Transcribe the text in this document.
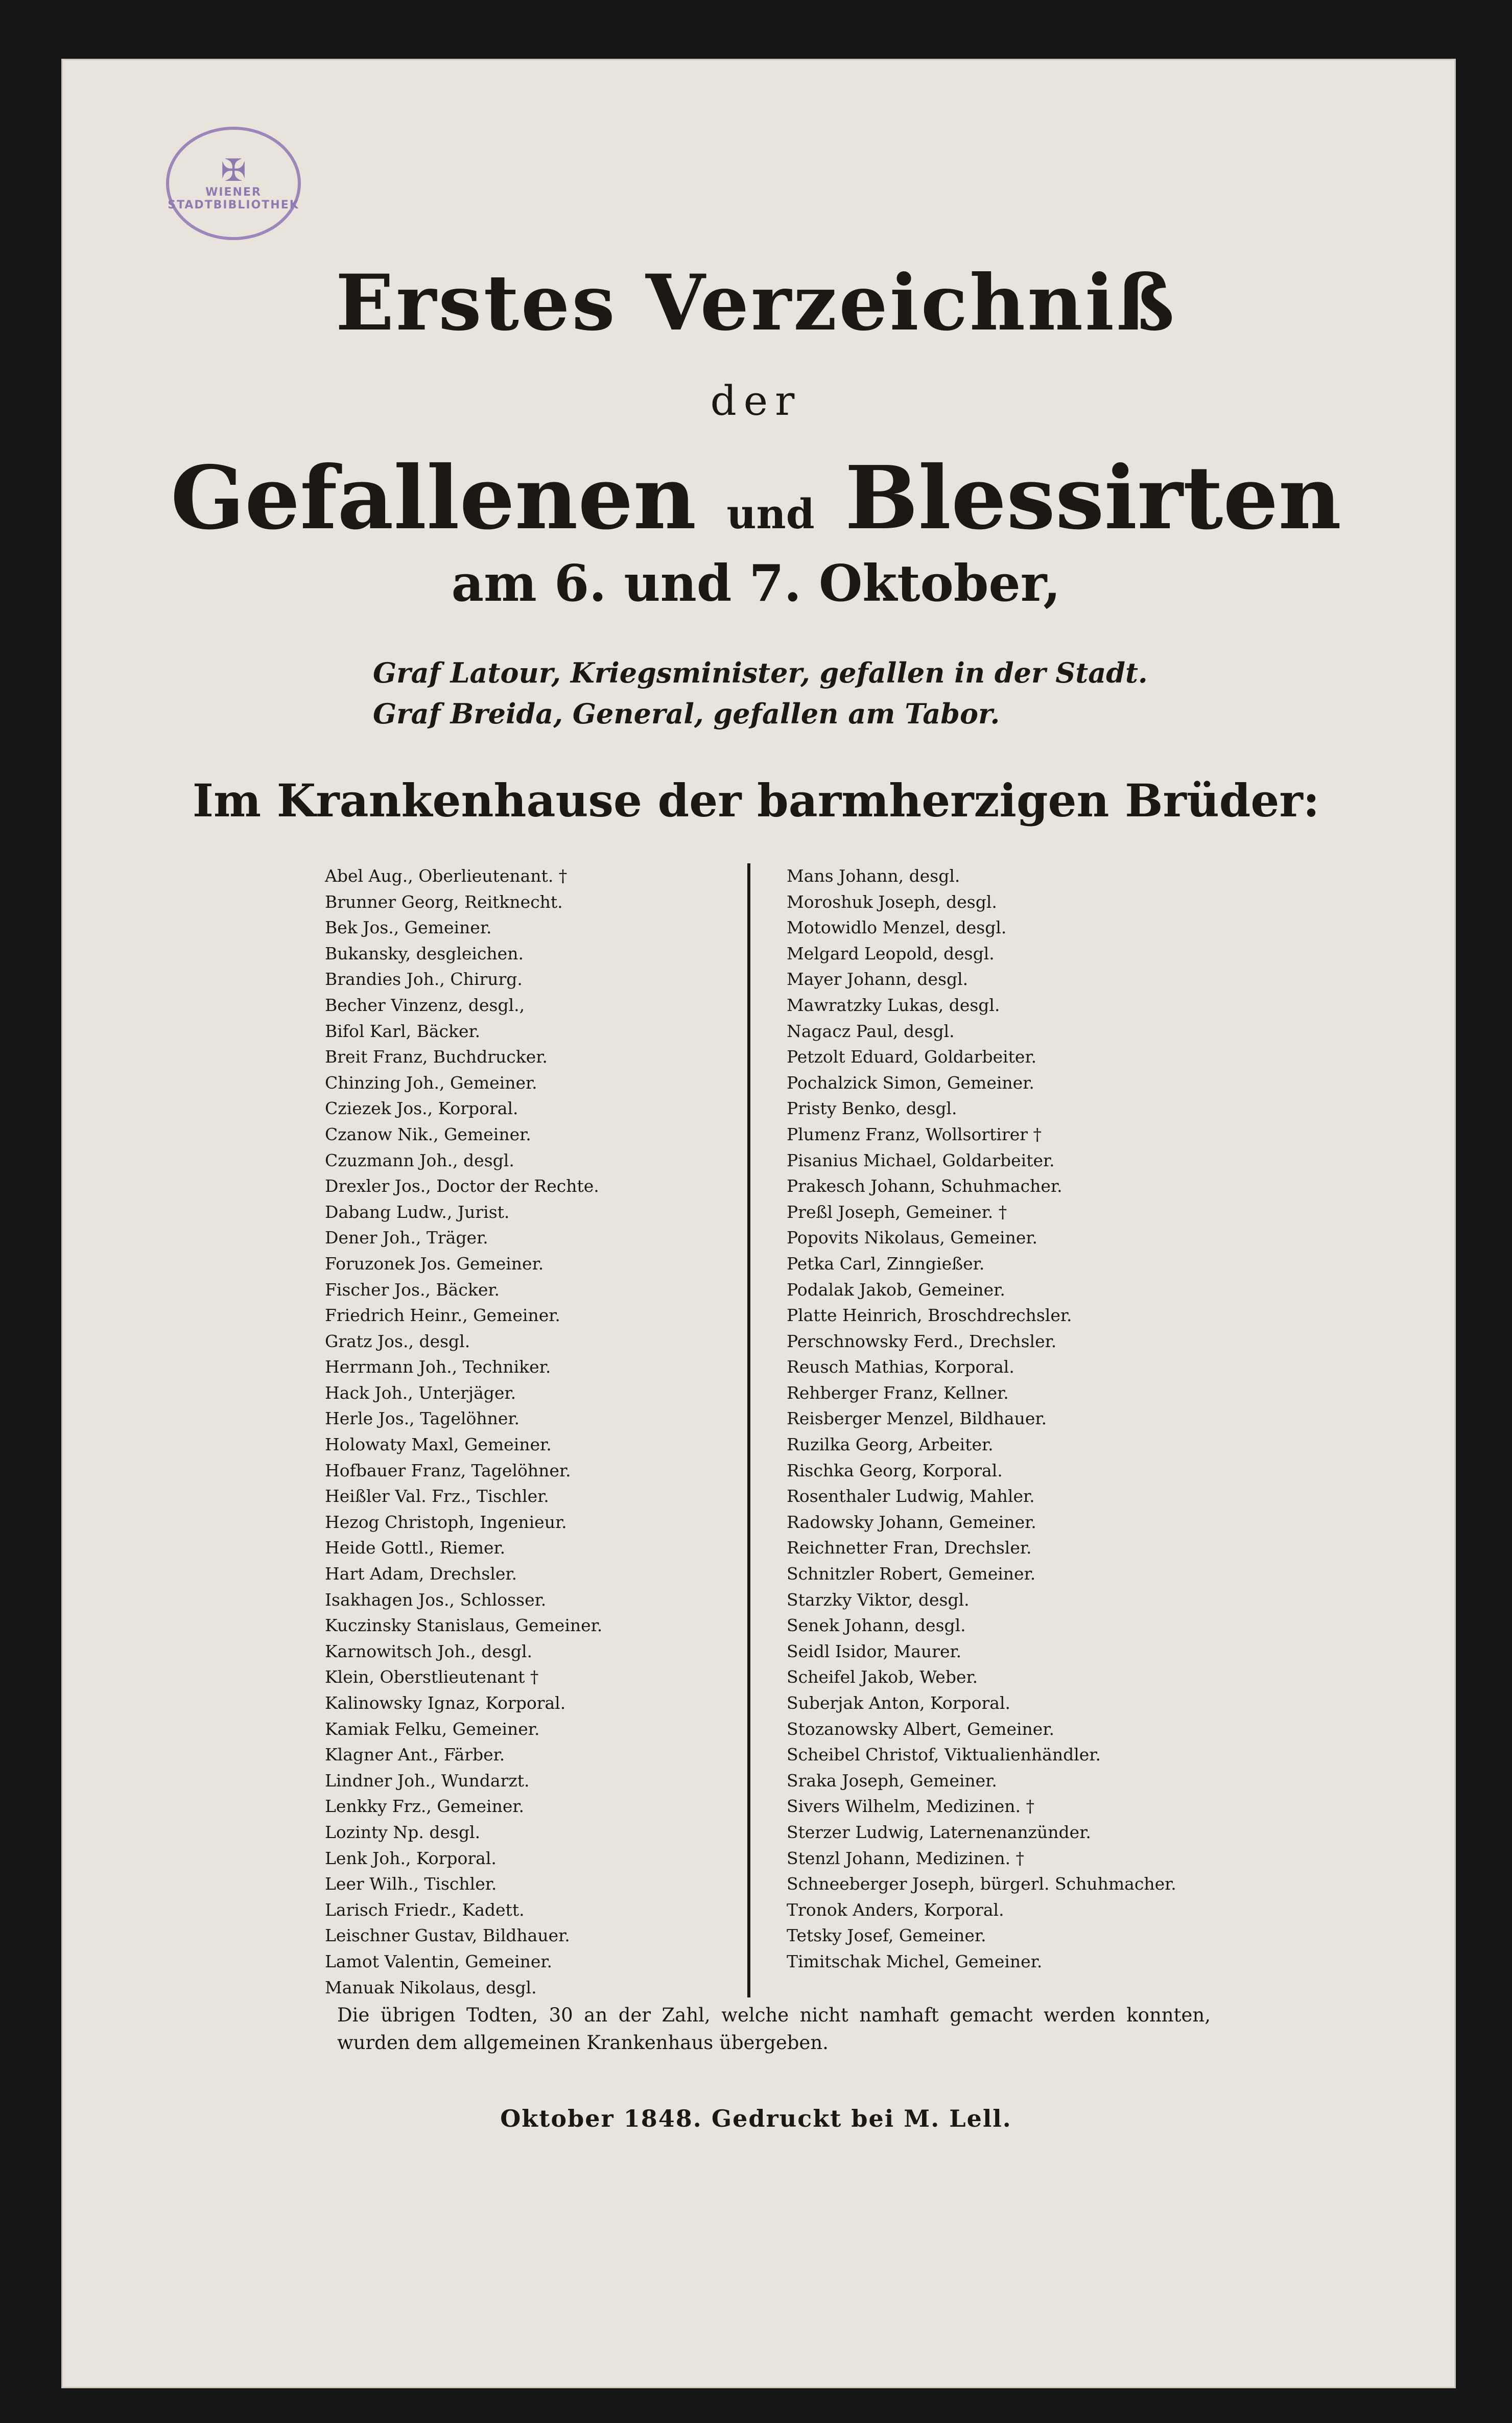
✠
WIENER STADTBIBLIOTHEK
Erstes Verzeichniß
der
Gefallenen und Blessirten
am 6. und 7. Oktober,
Graf Latour, Kriegsminister, gefallen in der Stadt.
Graf Breida, General, gefallen am Tabor.
Im Krankenhause der barmherzigen Brüder:
Abel Aug., Oberlieutenant. †
Brunner Georg, Reitknecht.
Bek Jos., Gemeiner.
Bukansky, desgleichen.
Brandies Joh., Chirurg.
Becher Vinzenz, desgl.,
Bifol Karl, Bäcker.
Breit Franz, Buchdrucker.
Chinzing Joh., Gemeiner.
Cziezek Jos., Korporal.
Czanow Nik., Gemeiner.
Czuzmann Joh., desgl.
Drexler Jos., Doctor der Rechte.
Dabang Ludw., Jurist.
Dener Joh., Träger.
Foruzonek Jos. Gemeiner.
Fischer Jos., Bäcker.
Friedrich Heinr., Gemeiner.
Gratz Jos., desgl.
Herrmann Joh., Techniker.
Hack Joh., Unterjäger.
Herle Jos., Tagelöhner.
Holowaty Maxl, Gemeiner.
Hofbauer Franz, Tagelöhner.
Heißler Val. Frz., Tischler.
Hezog Christoph, Ingenieur.
Heide Gottl., Riemer.
Hart Adam, Drechsler.
Isakhagen Jos., Schlosser.
Kuczinsky Stanislaus, Gemeiner.
Karnowitsch Joh., desgl.
Klein, Oberstlieutenant †
Kalinowsky Ignaz, Korporal.
Kamiak Felku, Gemeiner.
Klagner Ant., Färber.
Lindner Joh., Wundarzt.
Lenkky Frz., Gemeiner.
Lozinty Np. desgl.
Lenk Joh., Korporal.
Leer Wilh., Tischler.
Larisch Friedr., Kadett.
Leischner Gustav, Bildhauer.
Lamot Valentin, Gemeiner.
Manuak Nikolaus, desgl.
Mans Johann, desgl.
Moroshuk Joseph, desgl.
Motowidlo Menzel, desgl.
Melgard Leopold, desgl.
Mayer Johann, desgl.
Mawratzky Lukas, desgl.
Nagacz Paul, desgl.
Petzolt Eduard, Goldarbeiter.
Pochalzick Simon, Gemeiner.
Pristy Benko, desgl.
Plumenz Franz, Wollsortirer †
Pisanius Michael, Goldarbeiter.
Prakesch Johann, Schuhmacher.
Preßl Joseph, Gemeiner. †
Popovits Nikolaus, Gemeiner.
Petka Carl, Zinngießer.
Podalak Jakob, Gemeiner.
Platte Heinrich, Broschdrechsler.
Perschnowsky Ferd., Drechsler.
Reusch Mathias, Korporal.
Rehberger Franz, Kellner.
Reisberger Menzel, Bildhauer.
Ruzilka Georg, Arbeiter.
Rischka Georg, Korporal.
Rosenthaler Ludwig, Mahler.
Radowsky Johann, Gemeiner.
Reichnetter Fran, Drechsler.
Schnitzler Robert, Gemeiner.
Starzky Viktor, desgl.
Senek Johann, desgl.
Seidl Isidor, Maurer.
Scheifel Jakob, Weber.
Suberjak Anton, Korporal.
Stozanowsky Albert, Gemeiner.
Scheibel Christof, Viktualienhändler.
Sraka Joseph, Gemeiner.
Sivers Wilhelm, Medizinen. †
Sterzer Ludwig, Laternenanzünder.
Stenzl Johann, Medizinen. †
Schneeberger Joseph, bürgerl. Schuhmacher.
Tronok Anders, Korporal.
Tetsky Josef, Gemeiner.
Timitschak Michel, Gemeiner.
Die übrigen Todten, 30 an der Zahl, welche nicht namhaft gemacht werden konnten, wurden dem allgemeinen Krankenhaus übergeben.
Oktober 1848. Gedruckt bei M. Lell.
